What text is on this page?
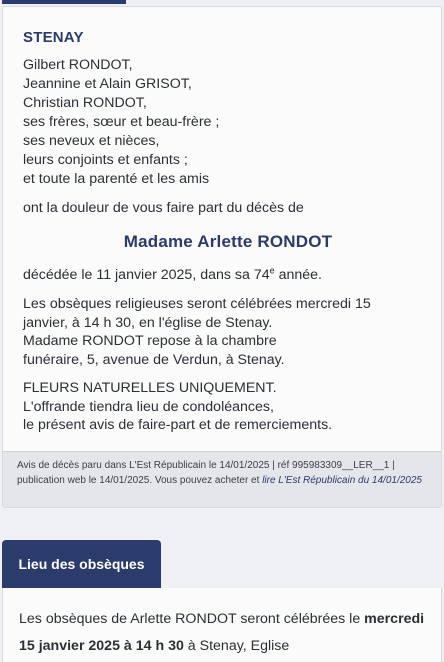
STENAY
Gilbert RONDOT,
Jeannine et Alain GRISOT,
Christian RONDOT,
ses frères, sœur et beau-frère ;
ses neveux et nièces,
leurs conjoints et enfants ;
et toute la parenté et les amis
ont la douleur de vous faire part du décès de
Madame Arlette RONDOT
décédée le 11 janvier 2025, dans sa 74e année.
Les obsèques religieuses seront célébrées mercredi 15
janvier, à 14 h 30, en l'église de Stenay.
Madame RONDOT repose à la chambre
funéraire, 5, avenue de Verdun, à Stenay.
FLEURS NATURELLES UNIQUEMENT.
L'offrande tiendra lieu de condoléances,
le présent avis de faire-part et de remerciements.
Avis de décès paru dans L'Est Républicain le 14/01/2025 | réf 995983309__LER__1 | publication web le 14/01/2025. Vous pouvez acheter et lire L'Est Républicain du 14/01/2025
Lieu des obsèques
Les obsèques de Arlette RONDOT seront célébrées le mercredi 15 janvier 2025 à 14 h 30 à Stenay, Eglise
